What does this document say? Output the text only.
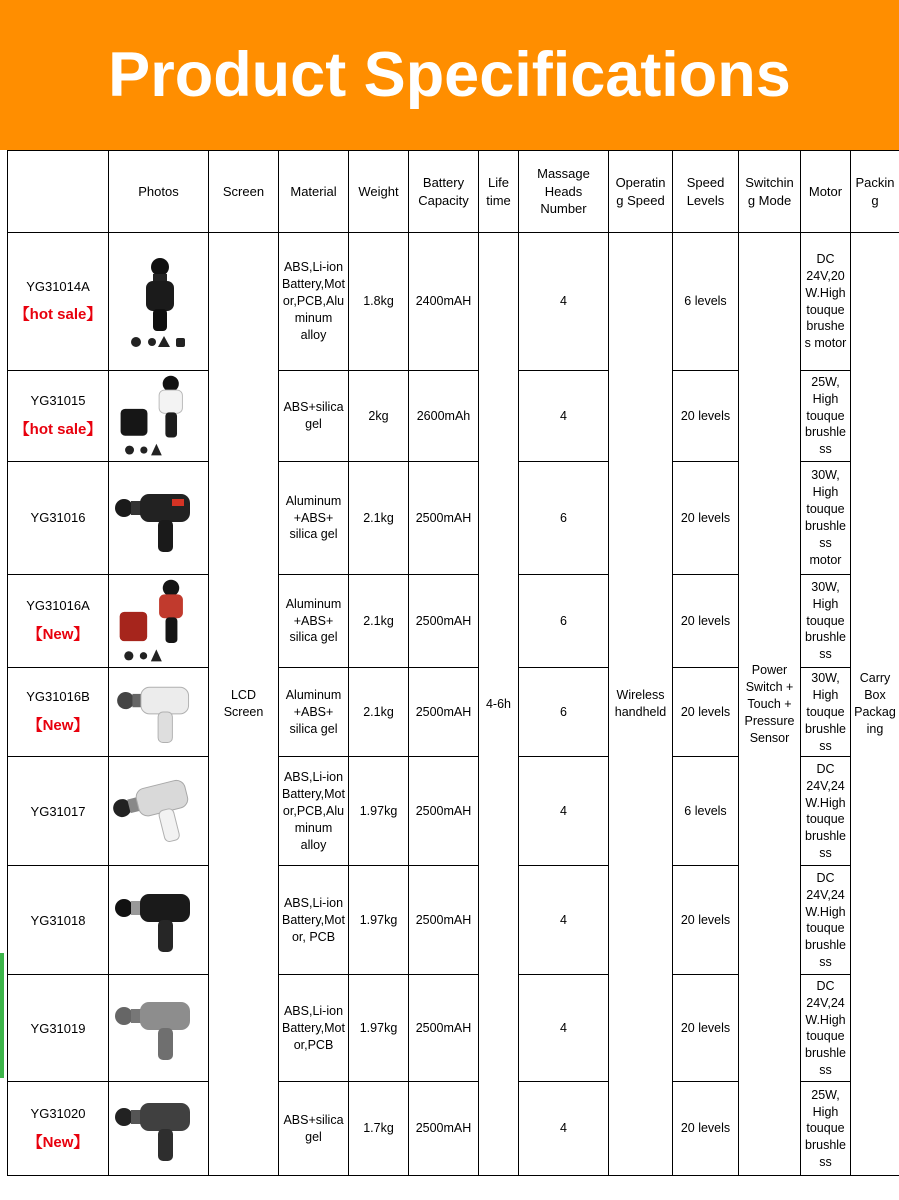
Product Specifications
	Photos	Screen	Material	Weight	Battery Capacity	Life time	Massage Heads Number	Operating Speed	Speed Levels	Switching Mode	Motor	Packing

YG31014A
【hot sale】		LCD Screen	ABS,Li-ion Battery,Motor,PCB,Aluminum alloy	1.8kg	2400mAH	4-6h	4	Wireless handheld	6 levels	Power Switch + Touch + Pressure Sensor	DC 24V,20W.High touque brushes motor	Carry Box Packaging

YG31015
【hot sale】			ABS+silica gel	2kg	2600mAh		4		20 levels		25W, High touque brushless	

YG31016			Aluminum +ABS+ silica gel	2.1kg	2500mAH		6		20 levels		30W, High touque brushless motor	

YG31016A
【New】			Aluminum +ABS+ silica gel	2.1kg	2500mAH		6		20 levels		30W, High touque brushless	

YG31016B
【New】			Aluminum +ABS+ silica gel	2.1kg	2500mAH		6		20 levels		30W, High touque brushless	

YG31017			ABS,Li-ion Battery,Motor,PCB,Aluminum alloy	1.97kg	2500mAH		4		6 levels		DC 24V,24W.High touque brushless	

YG31018			ABS,Li-ion Battery,Motor, PCB	1.97kg	2500mAH		4		20 levels		DC 24V,24W.High touque brushless	

YG31019			ABS,Li-ion Battery,Motor,PCB	1.97kg	2500mAH		4		20 levels		DC 24V,24W.High touque brushless	

YG31020
【New】			ABS+silica gel	1.7kg	2500mAH		4		20 levels		25W, High touque brushless	
